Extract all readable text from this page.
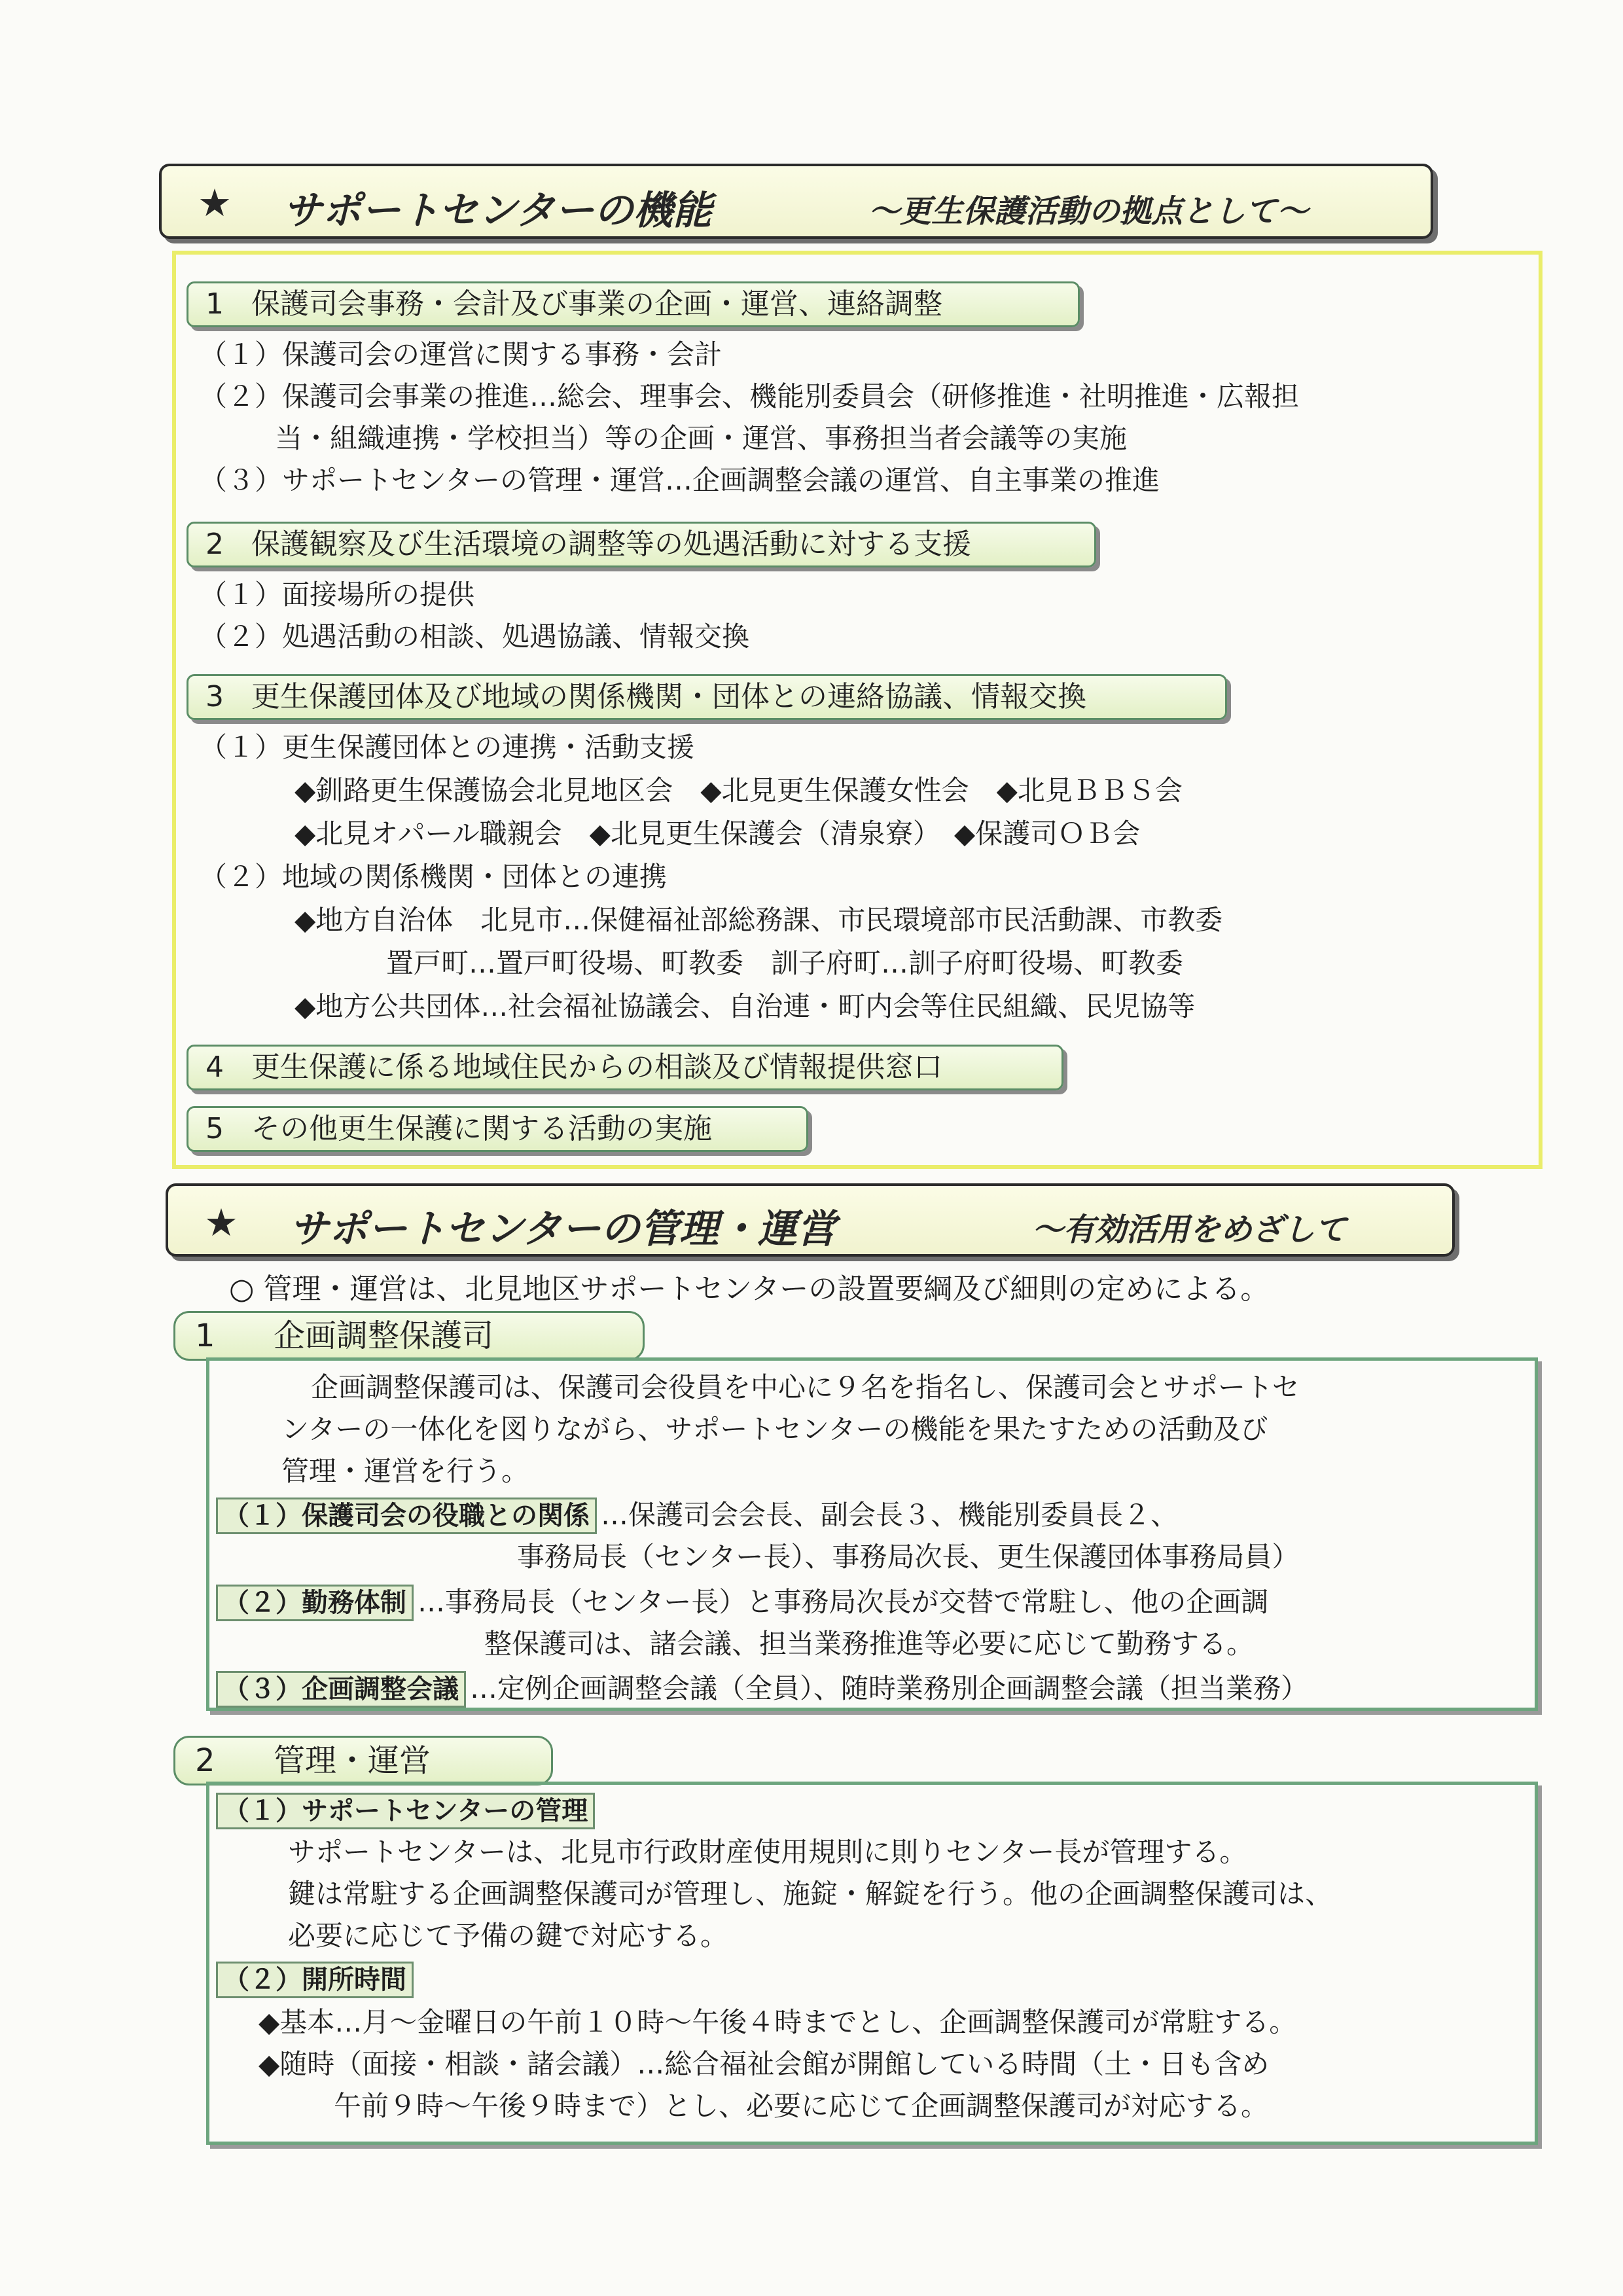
★ サポートセンターの機能	～更生保護活動の拠点として～
1 保護司会事務・会計及び事業の企画・運営、連絡調整
（１）保護司会の運営に関する事務・会計
（２）保護司会事業の推進…総会、理事会、機能別委員会（研修推進・社明推進・広報担
当・組織連携・学校担当）等の企画・運営、事務担当者会議等の実施
（３）サポートセンターの管理・運営…企画調整会議の運営、自主事業の推進
2 保護観察及び生活環境の調整等の処遇活動に対する支援
（１）面接場所の提供
（２）処遇活動の相談、処遇協議、情報交換
3 更生保護団体及び地域の関係機関・団体との連絡協議、情報交換
（１）更生保護団体との連携・活動支援
◆釧路更生保護協会北見地区会　◆北見更生保護女性会　◆北見ＢＢＳ会
◆北見オパール職親会　◆北見更生保護会（清泉寮）　◆保護司ＯＢ会
（２）地域の関係機関・団体との連携
◆地方自治体　北見市…保健福祉部総務課、市民環境部市民活動課、市教委
置戸町…置戸町役場、町教委　訓子府町…訓子府町役場、町教委
◆地方公共団体…社会福祉協議会、自治連・町内会等住民組織、民児協等
4 更生保護に係る地域住民からの相談及び情報提供窓口
5 その他更生保護に関する活動の実施
★ サポートセンターの管理・運営	～有効活用をめざして
○ 管理・運営は、北見地区サポートセンターの設置要綱及び細則の定めによる。
1 企画調整保護司
企画調整保護司は、保護司会役員を中心に９名を指名し、保護司会とサポートセ
ンターの一体化を図りながら、サポートセンターの機能を果たすための活動及び
管理・運営を行う。
（１）保護司会の役職との関係 …保護司会会長、副会長３、機能別委員長２、
事務局長（センター長）、事務局次長、更生保護団体事務局員）
（２）勤務体制 …事務局長（センター長）と事務局次長が交替で常駐し、他の企画調
整保護司は、諸会議、担当業務推進等必要に応じて勤務する。
（３）企画調整会議 …定例企画調整会議（全員）、随時業務別企画調整会議（担当業務）
2 管理・運営
（１）サポートセンターの管理
サポートセンターは、北見市行政財産使用規則に則りセンター長が管理する。
鍵は常駐する企画調整保護司が管理し、施錠・解錠を行う。他の企画調整保護司は、
必要に応じて予備の鍵で対応する。
（２）開所時間
◆基本…月～金曜日の午前１０時～午後４時までとし、企画調整保護司が常駐する。
◆随時（面接・相談・諸会議）…総合福祉会館が開館している時間（土・日も含め
午前９時～午後９時まで）とし、必要に応じて企画調整保護司が対応する。
